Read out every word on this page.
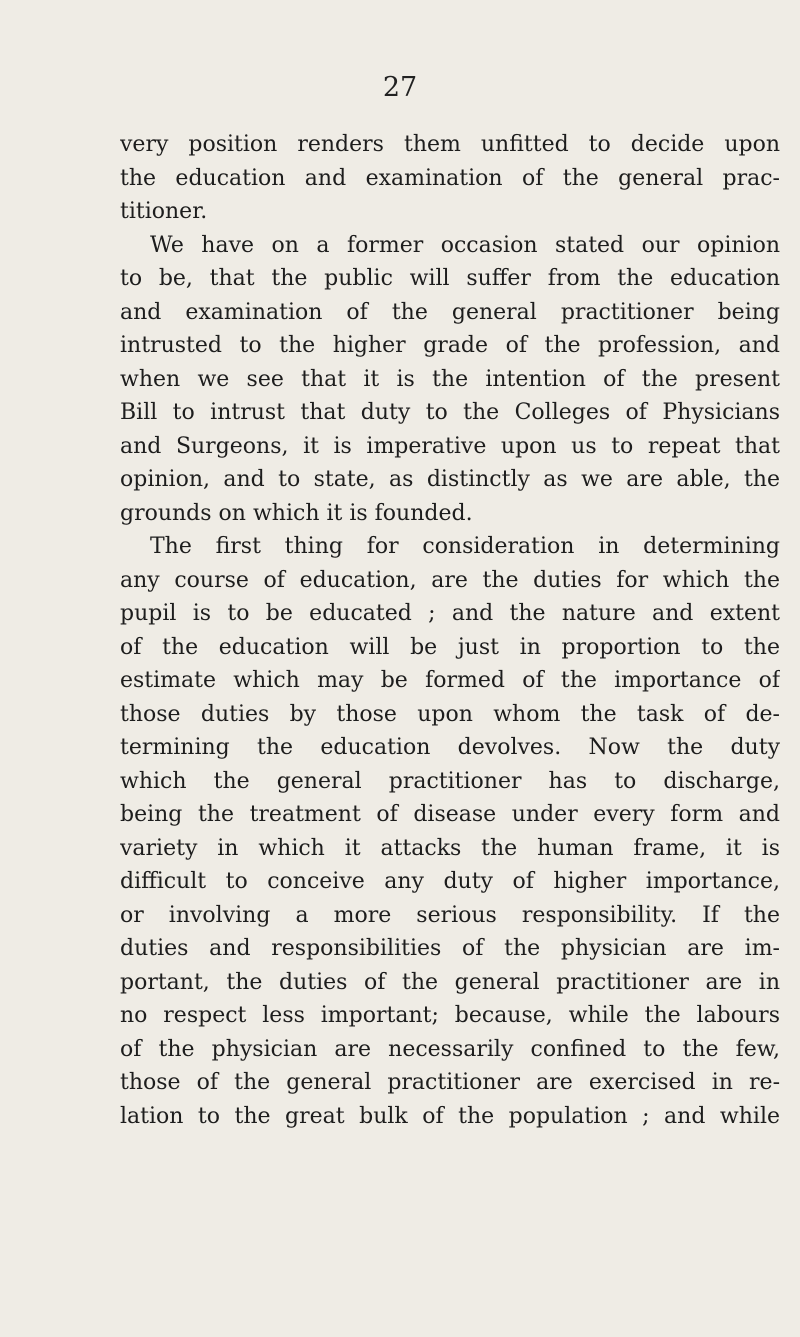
27
very position renders them unfitted to decide upon
the education and examination of the general prac-
titioner.
We have on a former occasion stated our opinion
to be, that the public will suffer from the education
and examination of the general practitioner being
intrusted to the higher grade of the profession, and
when we see that it is the intention of the present
Bill to intrust that duty to the Colleges of Physicians
and Surgeons, it is imperative upon us to repeat that
opinion, and to state, as distinctly as we are able, the
grounds on which it is founded.
The first thing for consideration in determining
any course of education, are the duties for which the
pupil is to be educated ; and the nature and extent
of the education will be just in proportion to the
estimate which may be formed of the importance of
those duties by those upon whom the task of de-
termining the education devolves. Now the duty
which the general practitioner has to discharge,
being the treatment of disease under every form and
variety in which it attacks the human frame, it is
difficult to conceive any duty of higher importance,
or involving a more serious responsibility. If the
duties and responsibilities of the physician are im-
portant, the duties of the general practitioner are in
no respect less important; because, while the labours
of the physician are necessarily confined to the few,
those of the general practitioner are exercised in re-
lation to the great bulk of the population ; and while
